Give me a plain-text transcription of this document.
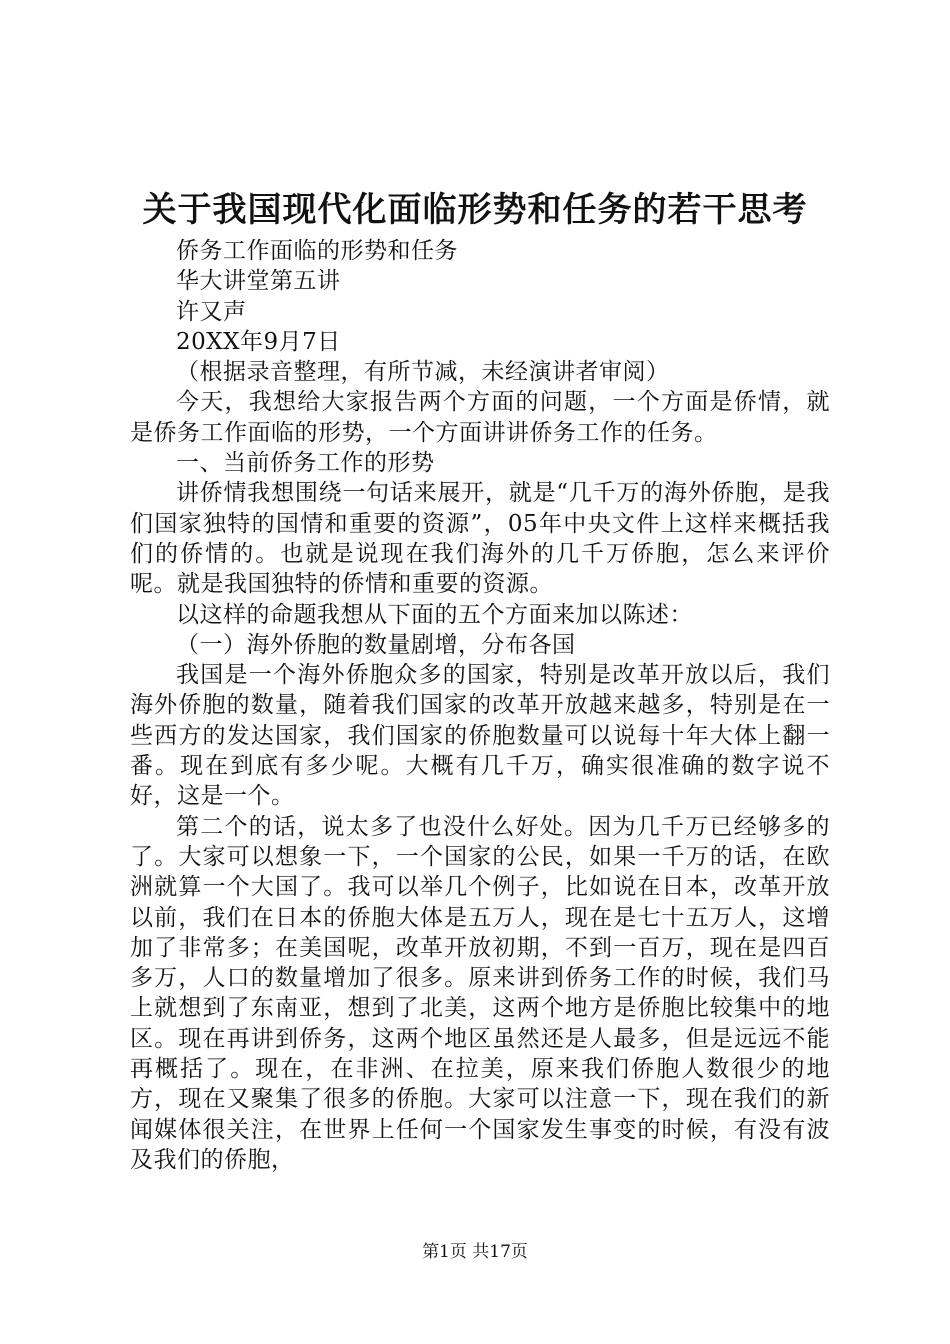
关于我国现代化面临形势和任务的若干思考

侨务工作面临的形势和任务

华大讲堂第五讲

许又声

20XX年9月7日

（根据录音整理，有所节减，未经演讲者审阅）

今天，我想给大家报告两个方面的问题，一个方面是侨情，就是侨务工作面临的形势，一个方面讲讲侨务工作的任务。

一、当前侨务工作的形势

讲侨情我想围绕一句话来展开，就是“几千万的海外侨胞，是我们国家独特的国情和重要的资源”，05年中央文件上这样来概括我们的侨情的。也就是说现在我们海外的几千万侨胞，怎么来评价呢。就是我国独特的侨情和重要的资源。

以这样的命题我想从下面的五个方面来加以陈述：

（一）海外侨胞的数量剧增，分布各国

我国是一个海外侨胞众多的国家，特别是改革开放以后，我们海外侨胞的数量，随着我们国家的改革开放越来越多，特别是在一些西方的发达国家，我们国家的侨胞数量可以说每十年大体上翻一番。现在到底有多少呢。大概有几千万，确实很准确的数字说不好，这是一个。

第二个的话，说太多了也没什么好处。因为几千万已经够多的了。大家可以想象一下，一个国家的公民，如果一千万的话，在欧洲就算一个大国了。我可以举几个例子，比如说在日本，改革开放以前，我们在日本的侨胞大体是五万人，现在是七十五万人，这增加了非常多；在美国呢，改革开放初期，不到一百万，现在是四百多万，人口的数量增加了很多。原来讲到侨务工作的时候，我们马上就想到了东南亚，想到了北美，这两个地方是侨胞比较集中的地区。现在再讲到侨务，这两个地区虽然还是人最多，但是远远不能再概括了。现在，在非洲、在拉美，原来我们侨胞人数很少的地方，现在又聚集了很多的侨胞。大家可以注意一下，现在我们的新闻媒体很关注，在世界上任何一个国家发生事变的时候，有没有波及我们的侨胞，

第1页 共17页
